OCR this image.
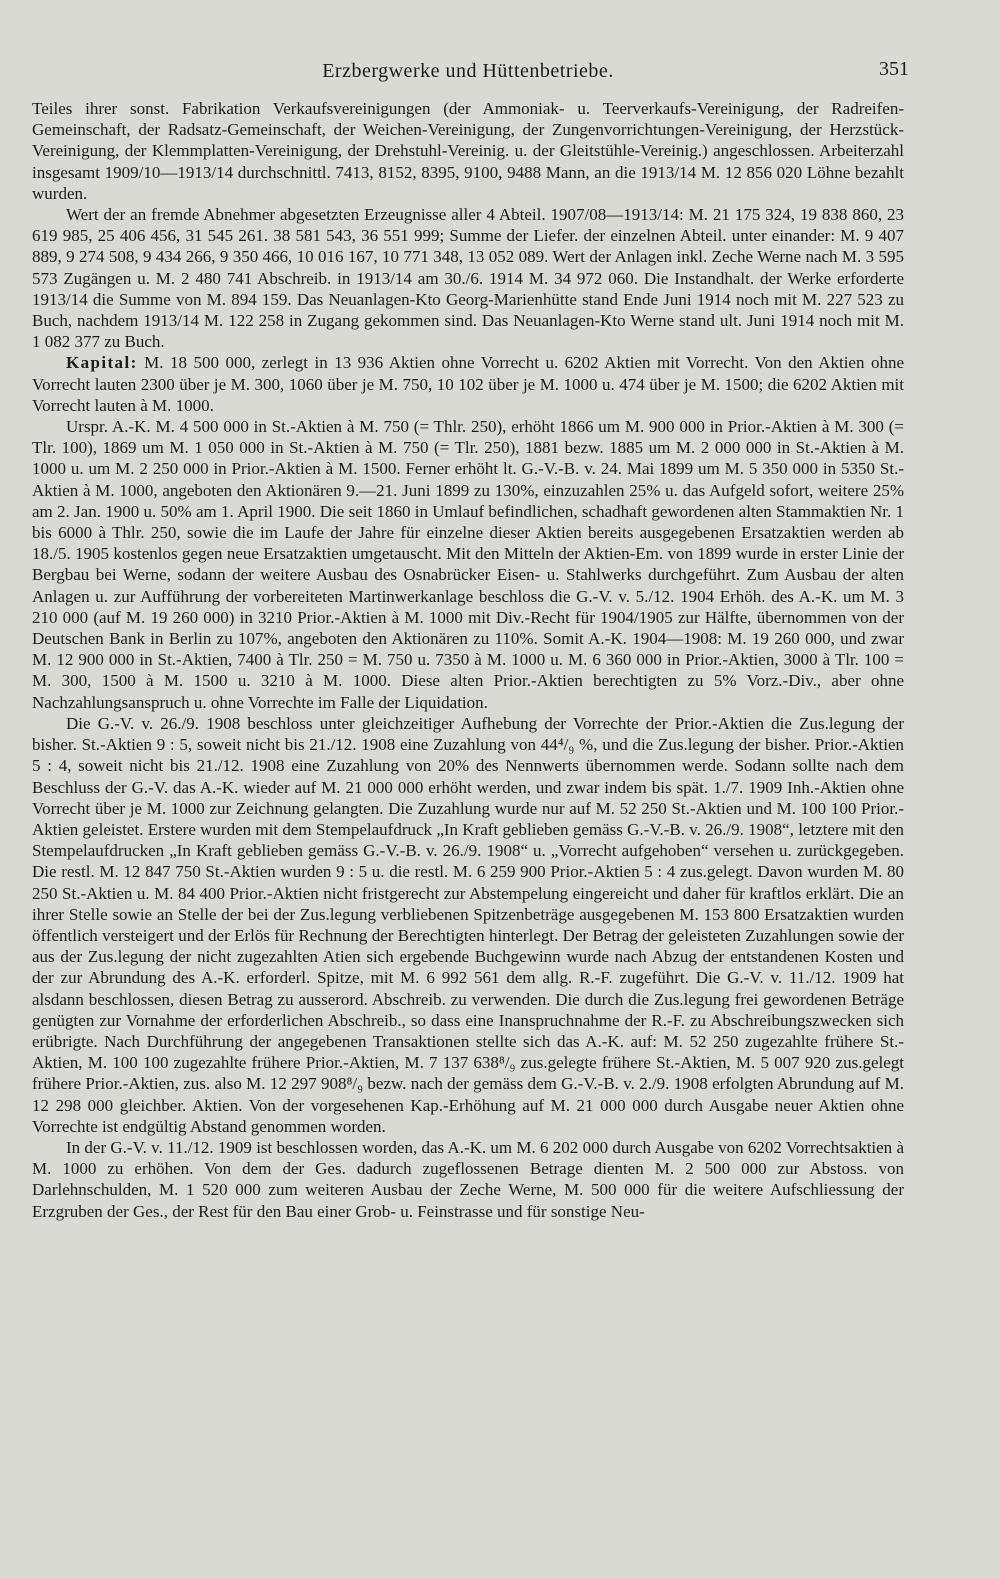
Erzbergwerke und Hüttenbetriebe.	351

Teiles ihrer sonst. Fabrikation Verkaufsvereinigungen (der Ammoniak- u. Teerverkaufs-Vereinigung, der Radreifen-Gemeinschaft, der Radsatz-Gemeinschaft, der Weichen-Vereinigung, der Zungenvorrichtungen-Vereinigung, der Herzstück-Vereinigung, der Klemmplatten-Vereinigung, der Drehstuhl-Vereinig. u. der Gleitstühle-Vereinig.) angeschlossen. Arbeiterzahl insgesamt 1909/10—1913/14 durchschnittl. 7413, 8152, 8395, 9100, 9488 Mann, an die 1913/14 M. 12 856 020 Löhne bezahlt wurden.

Wert der an fremde Abnehmer abgesetzten Erzeugnisse aller 4 Abteil. 1907/08—1913/14: M. 21 175 324, 19 838 860, 23 619 985, 25 406 456, 31 545 261. 38 581 543, 36 551 999; Summe der Liefer. der einzelnen Abteil. unter einander: M. 9 407 889, 9 274 508, 9 434 266, 9 350 466, 10 016 167, 10 771 348, 13 052 089. Wert der Anlagen inkl. Zeche Werne nach M. 3 595 573 Zugängen u. M. 2 480 741 Abschreib. in 1913/14 am 30./6. 1914 M. 34 972 060. Die Instandhalt. der Werke erforderte 1913/14 die Summe von M. 894 159. Das Neuanlagen-Kto Georg-Marienhütte stand Ende Juni 1914 noch mit M. 227 523 zu Buch, nachdem 1913/14 M. 122 258 in Zugang gekommen sind. Das Neuanlagen-Kto Werne stand ult. Juni 1914 noch mit M. 1 082 377 zu Buch.

Kapital: M. 18 500 000, zerlegt in 13 936 Aktien ohne Vorrecht u. 6202 Aktien mit Vorrecht. Von den Aktien ohne Vorrecht lauten 2300 über je M. 300, 1060 über je M. 750, 10 102 über je M. 1000 u. 474 über je M. 1500; die 6202 Aktien mit Vorrecht lauten à M. 1000.

Urspr. A.-K. M. 4 500 000 in St.-Aktien à M. 750 (= Thlr. 250), erhöht 1866 um M. 900 000 in Prior.-Aktien à M. 300 (= Tlr. 100), 1869 um M. 1 050 000 in St.-Aktien à M. 750 (= Tlr. 250), 1881 bezw. 1885 um M. 2 000 000 in St.-Aktien à M. 1000 u. um M. 2 250 000 in Prior.-Aktien à M. 1500. Ferner erhöht lt. G.-V.-B. v. 24. Mai 1899 um M. 5 350 000 in 5350 St.-Aktien à M. 1000, angeboten den Aktionären 9.—21. Juni 1899 zu 130%, einzuzahlen 25% u. das Aufgeld sofort, weitere 25% am 2. Jan. 1900 u. 50% am 1. April 1900. Die seit 1860 in Umlauf befindlichen, schadhaft gewordenen alten Stammaktien Nr. 1 bis 6000 à Thlr. 250, sowie die im Laufe der Jahre für einzelne dieser Aktien bereits ausgegebenen Ersatzaktien werden ab 18./5. 1905 kostenlos gegen neue Ersatzaktien umgetauscht. Mit den Mitteln der Aktien-Em. von 1899 wurde in erster Linie der Bergbau bei Werne, sodann der weitere Ausbau des Osnabrücker Eisen- u. Stahlwerks durchgeführt. Zum Ausbau der alten Anlagen u. zur Aufführung der vorbereiteten Martinwerkanlage beschloss die G.-V. v. 5./12. 1904 Erhöh. des A.-K. um M. 3 210 000 (auf M. 19 260 000) in 3210 Prior.-Aktien à M. 1000 mit Div.-Recht für 1904/1905 zur Hälfte, übernommen von der Deutschen Bank in Berlin zu 107%, angeboten den Aktionären zu 110%. Somit A.-K. 1904—1908: M. 19 260 000, und zwar M. 12 900 000 in St.-Aktien, 7400 à Tlr. 250 = M. 750 u. 7350 à M. 1000 u. M. 6 360 000 in Prior.-Aktien, 3000 à Tlr. 100 = M. 300, 1500 à M. 1500 u. 3210 à M. 1000. Diese alten Prior.-Aktien berechtigten zu 5% Vorz.-Div., aber ohne Nachzahlungsanspruch u. ohne Vorrechte im Falle der Liquidation.

Die G.-V. v. 26./9. 1908 beschloss unter gleichzeitiger Aufhebung der Vorrechte der Prior.-Aktien die Zus.legung der bisher. St.-Aktien 9 : 5, soweit nicht bis 21./12. 1908 eine Zuzahlung von 44⁴/₉ %, und die Zus.legung der bisher. Prior.-Aktien 5 : 4, soweit nicht bis 21./12. 1908 eine Zuzahlung von 20% des Nennwerts übernommen werde. Sodann sollte nach dem Beschluss der G.-V. das A.-K. wieder auf M. 21 000 000 erhöht werden, und zwar indem bis spät. 1./7. 1909 Inh.-Aktien ohne Vorrecht über je M. 1000 zur Zeichnung gelangten. Die Zuzahlung wurde nur auf M. 52 250 St.-Aktien und M. 100 100 Prior.-Aktien geleistet. Erstere wurden mit dem Stempelaufdruck „In Kraft geblieben gemäss G.-V.-B. v. 26./9. 1908“, letztere mit den Stempelaufdrucken „In Kraft geblieben gemäss G.-V.-B. v. 26./9. 1908“ u. „Vorrecht aufgehoben“ versehen u. zurückgegeben. Die restl. M. 12 847 750 St.-Aktien wurden 9 : 5 u. die restl. M. 6 259 900 Prior.-Aktien 5 : 4 zus.gelegt. Davon wurden M. 80 250 St.-Aktien u. M. 84 400 Prior.-Aktien nicht fristgerecht zur Abstempelung eingereicht und daher für kraftlos erklärt. Die an ihrer Stelle sowie an Stelle der bei der Zus.legung verbliebenen Spitzenbeträge ausgegebenen M. 153 800 Ersatzaktien wurden öffentlich versteigert und der Erlös für Rechnung der Berechtigten hinterlegt. Der Betrag der geleisteten Zuzahlungen sowie der aus der Zus.legung der nicht zugezahlten Atien sich ergebende Buchgewinn wurde nach Abzug der entstandenen Kosten und der zur Abrundung des A.-K. erforderl. Spitze, mit M. 6 992 561 dem allg. R.-F. zugeführt. Die G.-V. v. 11./12. 1909 hat alsdann beschlossen, diesen Betrag zu ausserord. Abschreib. zu verwenden. Die durch die Zus.legung frei gewordenen Beträge genügten zur Vornahme der erforderlichen Abschreib., so dass eine Inanspruchnahme der R.-F. zu Abschreibungszwecken sich erübrigte. Nach Durchführung der angegebenen Transaktionen stellte sich das A.-K. auf: M. 52 250 zugezahlte frühere St.-Aktien, M. 100 100 zugezahlte frühere Prior.-Aktien, M. 7 137 638⁸/₉ zus.gelegte frühere St.-Aktien, M. 5 007 920 zus.gelegt frühere Prior.-Aktien, zus. also M. 12 297 908⁸/₉ bezw. nach der gemäss dem G.-V.-B. v. 2./9. 1908 erfolgten Abrundung auf M. 12 298 000 gleichber. Aktien. Von der vorgesehenen Kap.-Erhöhung auf M. 21 000 000 durch Ausgabe neuer Aktien ohne Vorrechte ist endgültig Abstand genommen worden.

In der G.-V. v. 11./12. 1909 ist beschlossen worden, das A.-K. um M. 6 202 000 durch Ausgabe von 6202 Vorrechtsaktien à M. 1000 zu erhöhen. Von dem der Ges. dadurch zugeflossenen Betrage dienten M. 2 500 000 zur Abstoss. von Darlehnschulden, M. 1 520 000 zum weiteren Ausbau der Zeche Werne, M. 500 000 für die weitere Aufschliessung der Erzgruben der Ges., der Rest für den Bau einer Grob- u. Feinstrasse und für sonstige Neu-
